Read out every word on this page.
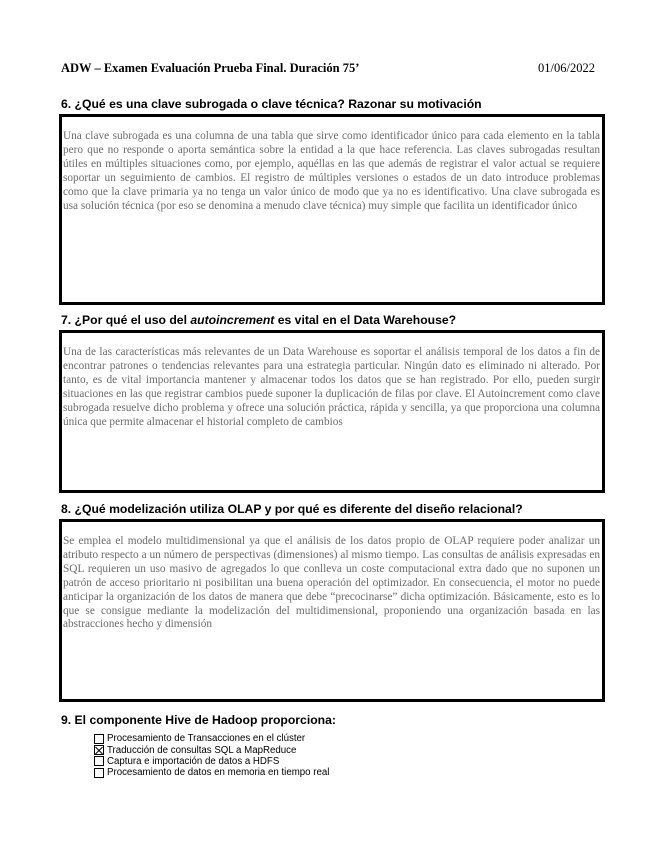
ADW – Examen Evaluación Prueba Final. Duración 75’	01/06/2022
6. ¿Qué es una clave subrogada o clave técnica? Razonar su motivación

Una clave subrogada es una columna de una tabla que sirve como identificador único para cada elemento en la tabla pero que no responde o aporta semántica sobre la entidad a la que hace referencia. Las claves subrogadas resultan útiles en múltiples situaciones como, por ejemplo, aquéllas en las que además de registrar el valor actual se requiere soportar un seguimiento de cambios. El registro de múltiples versiones o estados de un dato introduce problemas como que la clave primaria ya no tenga un valor único de modo que ya no es identificativo. Una clave subrogada es usa solución técnica (por eso se denomina a menudo clave técnica) muy simple que facilita un identificador único

7. ¿Por qué el uso del autoincrement es vital en el Data Warehouse?

Una de las características más relevantes de un Data Warehouse es soportar el análisis temporal de los datos a fin de encontrar patrones o tendencias relevantes para una estrategia particular. Ningún dato es eliminado ni alterado. Por tanto, es de vital importancia mantener y almacenar todos los datos que se han registrado. Por ello, pueden surgir situaciones en las que registrar cambios puede suponer la duplicación de filas por clave. El Autoincrement como clave subrogada resuelve dicho problema y ofrece una solución práctica, rápida y sencilla, ya que proporciona una columna única que permite almacenar el historial completo de cambios

8. ¿Qué modelización utiliza OLAP y por qué es diferente del diseño relacional?

Se emplea el modelo multidimensional ya que el análisis de los datos propio de OLAP requiere poder analizar un atributo respecto a un número de perspectivas (dimensiones) al mismo tiempo. Las consultas de análisis expresadas en SQL requieren un uso masivo de agregados lo que conlleva un coste computacional extra dado que no suponen un patrón de acceso prioritario ni posibilitan una buena operación del optimizador. En consecuencia, el motor no puede anticipar la organización de los datos de manera que debe “precocinarse” dicha optimización. Básicamente, esto es lo que se consigue mediante la modelización del multidimensional, proponiendo una organización basada en las abstracciones hecho y dimensión

9. El componente Hive de Hadoop proporciona:
Procesamiento de Transacciones en el clúster
Traducción de consultas SQL a MapReduce
Captura e importación de datos a HDFS
Procesamiento de datos en memoria en tiempo real
